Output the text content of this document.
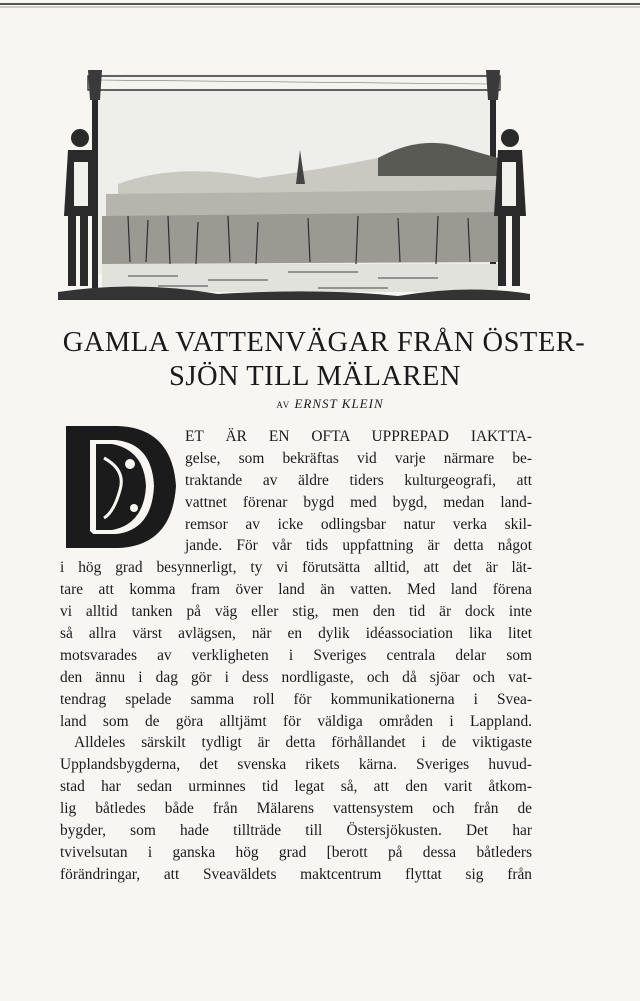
GAMLA VATTENVÄGAR FRÅN ÖSTER-
SJÖN TILL MÄLAREN
AV ERNST KLEIN
D
ET ÄR EN OFTA UPPREPAD IAKTTA-
gelse, som bekräftas vid varje närmare be-
traktande av äldre tiders kulturgeografi, att
vattnet förenar bygd med bygd, medan land-
remsor av icke odlingsbar natur verka skil-
jande. För vår tids uppfattning är detta något
i hög grad besynnerligt, ty vi förutsätta alltid, att det är lät-
tare att komma fram över land än vatten. Med land förena
vi alltid tanken på väg eller stig, men den tid är dock inte
så allra värst avlägsen, när en dylik idéassociation lika litet
motsvarades av verkligheten i Sveriges centrala delar som
den ännu i dag gör i dess nordligaste, och då sjöar och vat-
tendrag spelade samma roll för kommunikationerna i Svea-
land som de göra alltjämt för väldiga områden i Lappland.
Alldeles särskilt tydligt är detta förhållandet i de viktigaste
Upplandsbygderna, det svenska rikets kärna. Sveriges huvud-
stad har sedan urminnes tid legat så, att den varit åtkom-
lig båtledes både från Mälarens vattensystem och från de
bygder, som hade tillträde till Östersjökusten. Det har
tvivelsutan i ganska hög grad [berott på dessa båtleders
förändringar, att Sveaväldets maktcentrum flyttat sig från
